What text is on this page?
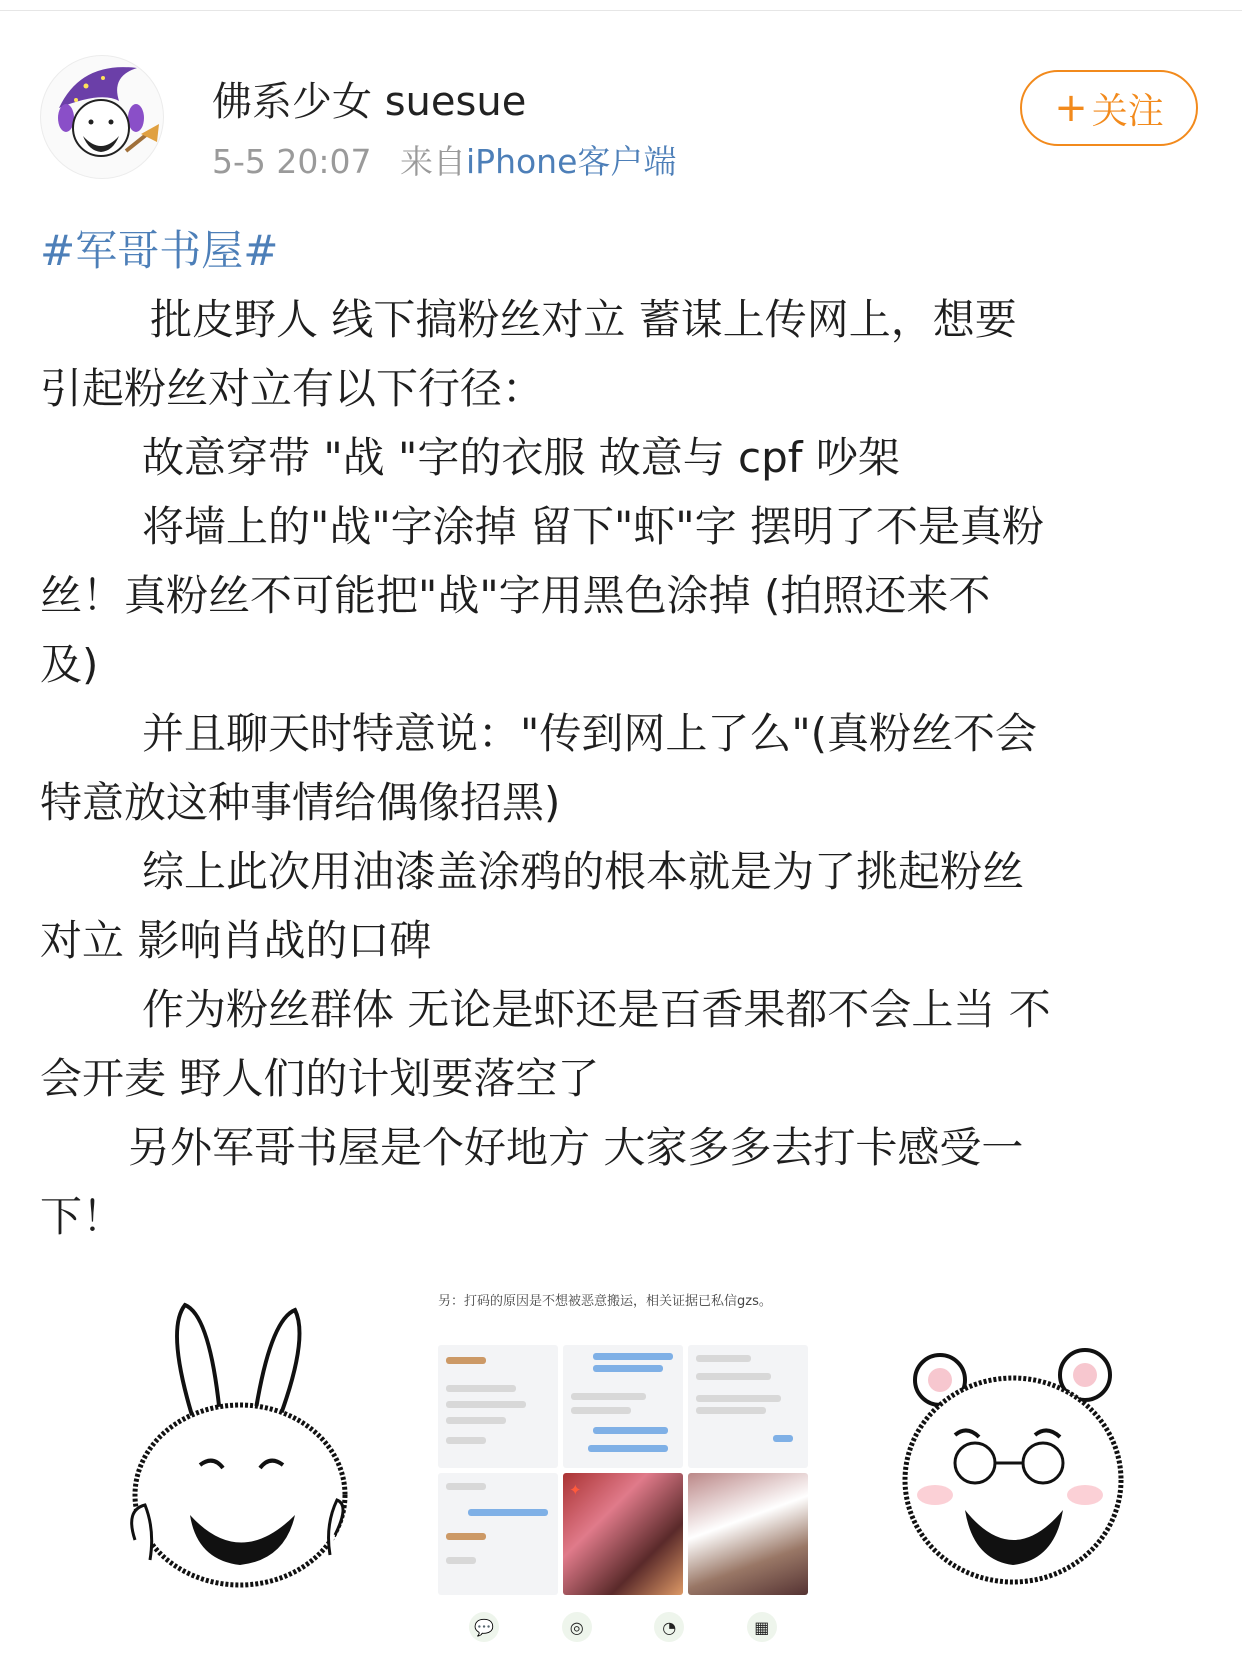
佛系少女 suesue
5-5 20:07 来自iPhone客户端
+ 关注

#军哥书屋#

批皮野人 线下搞粉丝对立 蓄谋上传网上，想要

引起粉丝对立有以下行径：

故意穿带 "战 "字的衣服 故意与 cpf 吵架

将墙上的"战"字涂掉 留下"虾"字 摆明了不是真粉

丝！真粉丝不可能把"战"字用黑色涂掉 (拍照还来不

及)

并且聊天时特意说："传到网上了么"(真粉丝不会

特意放这种事情给偶像招黑)

综上此次用油漆盖涂鸦的根本就是为了挑起粉丝

对立 影响肖战的口碑

作为粉丝群体 无论是虾还是百香果都不会上当 不

会开麦 野人们的计划要落空了

另外军哥书屋是个好地方 大家多多去打卡感受一

下！

另：打码的原因是不想被恶意搬运，相关证据已私信gzs。
✦
💬	◎	◔	▦
